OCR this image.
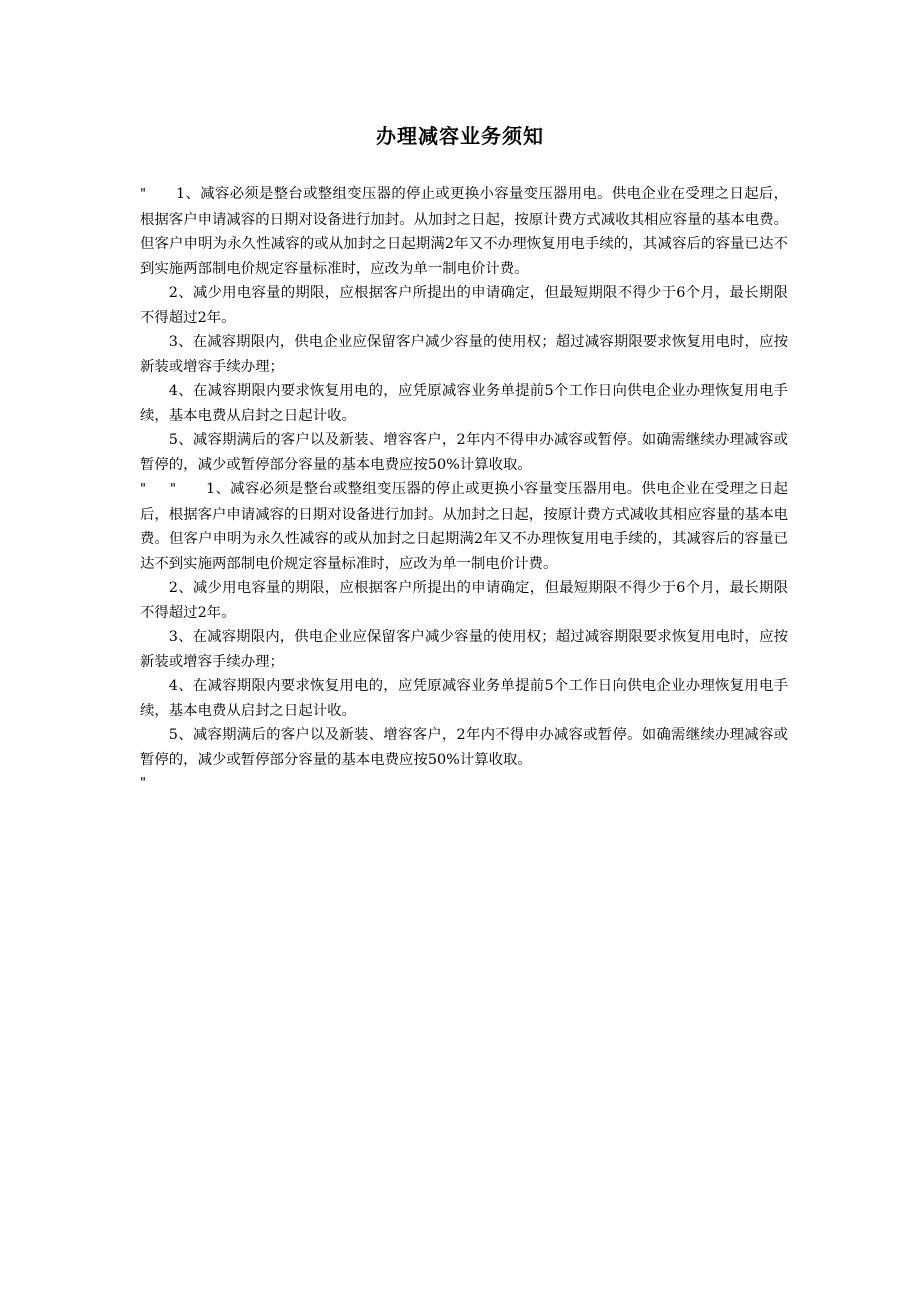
办理减容业务须知

" 1、减容必须是整台或整组变压器的停止或更换小容量变压器用电。供电企业在受理之日起后，根据客户申请减容的日期对设备进行加封。从加封之日起，按原计费方式减收其相应容量的基本电费。但客户申明为永久性减容的或从加封之日起期满2年又不办理恢复用电手续的，其减容后的容量已达不到实施两部制电价规定容量标准时，应改为单一制电价计费。

2、减少用电容量的期限，应根据客户所提出的申请确定，但最短期限不得少于6个月，最长期限不得超过2年。

3、在减容期限内，供电企业应保留客户减少容量的使用权；超过减容期限要求恢复用电时，应按新装或增容手续办理；

4、在减容期限内要求恢复用电的，应凭原减容业务单提前5个工作日向供电企业办理恢复用电手续，基本电费从启封之日起计收。

5、减容期满后的客户以及新装、增容客户，2年内不得申办减容或暂停。如确需继续办理减容或暂停的，减少或暂停部分容量的基本电费应按50%计算收取。

" " 1、减容必须是整台或整组变压器的停止或更换小容量变压器用电。供电企业在受理之日起后，根据客户申请减容的日期对设备进行加封。从加封之日起，按原计费方式减收其相应容量的基本电费。但客户申明为永久性减容的或从加封之日起期满2年又不办理恢复用电手续的，其减容后的容量已达不到实施两部制电价规定容量标准时，应改为单一制电价计费。

2、减少用电容量的期限，应根据客户所提出的申请确定，但最短期限不得少于6个月，最长期限不得超过2年。

3、在减容期限内，供电企业应保留客户减少容量的使用权；超过减容期限要求恢复用电时，应按新装或增容手续办理；

4、在减容期限内要求恢复用电的，应凭原减容业务单提前5个工作日向供电企业办理恢复用电手续，基本电费从启封之日起计收。

5、减容期满后的客户以及新装、增容客户，2年内不得申办减容或暂停。如确需继续办理减容或暂停的，减少或暂停部分容量的基本电费应按50%计算收取。

"
